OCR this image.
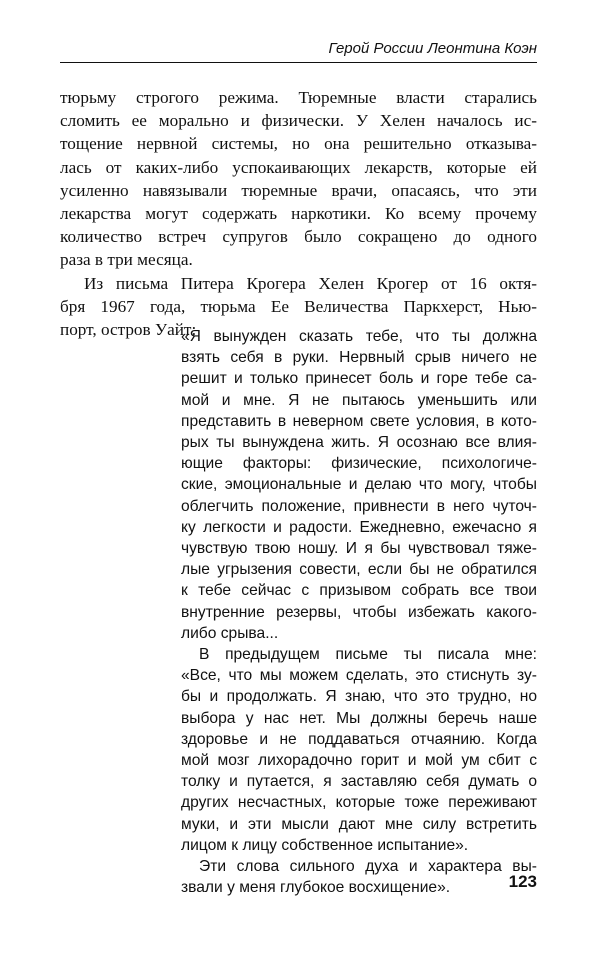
Герой России Леонтина Коэн
тюрьму строгого режима. Тюремные власти старались
сломить ее морально и физически. У Хелен началось ис-
тощение нервной системы, но она решительно отказыва-
лась от каких-либо успокаивающих лекарств, которые ей
усиленно навязывали тюремные врачи, опасаясь, что эти
лекарства могут содержать наркотики. Ко всему прочему
количество встреч супругов было сокращено до одного
раза в три месяца.
Из письма Питера Крогера Хелен Крогер от 16 октя-
бря 1967 года, тюрьма Ее Величества Паркхерст, Нью-
порт, остров Уайт:
«Я вынужден сказать тебе, что ты должна
взять себя в руки. Нервный срыв ничего не
решит и только принесет боль и горе тебе са-
мой и мне. Я не пытаюсь уменьшить или
представить в неверном свете условия, в кото-
рых ты вынуждена жить. Я осознаю все влия-
ющие факторы: физические, психологиче-
ские, эмоциональные и делаю что могу, чтобы
облегчить положение, привнести в него чуточ-
ку легкости и радости. Ежедневно, ежечасно я
чувствую твою ношу. И я бы чувствовал тяже-
лые угрызения совести, если бы не обратился
к тебе сейчас с призывом собрать все твои
внутренние резервы, чтобы избежать какого-
либо срыва...
В предыдущем письме ты писала мне:
«Все, что мы можем сделать, это стиснуть зу-
бы и продолжать. Я знаю, что это трудно, но
выбора у нас нет. Мы должны беречь наше
здоровье и не поддаваться отчаянию. Когда
мой мозг лихорадочно горит и мой ум сбит с
толку и путается, я заставляю себя думать о
других несчастных, которые тоже переживают
муки, и эти мысли дают мне силу встретить
лицом к лицу собственное испытание».
Эти слова сильного духа и характера вы-
звали у меня глубокое восхищение».	123
